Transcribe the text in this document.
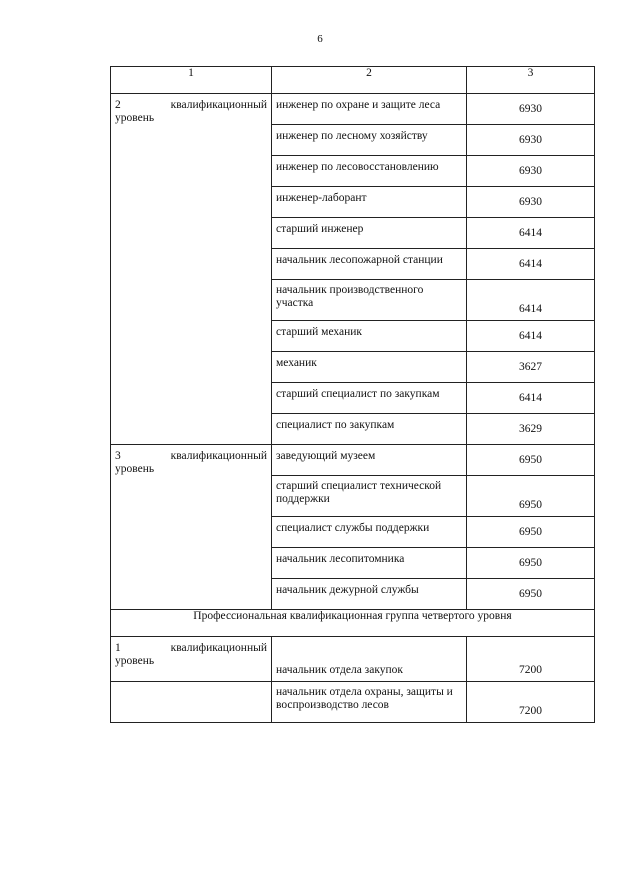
6
1	2	3

2 квалификационный
уровень	инженер по охране и защите леса	6930
	инженер по лесному хозяйству	6930
	инженер по лесовосстановлению	6930
	инженер-лаборант	6930
	старший инженер	6414
	начальник лесопожарной станции	6414
	начальник производственного участка	6414
	старший механик	6414
	механик	3627
	старший специалист по закупкам	6414
	специалист по закупкам	3629

3 квалификационный
уровень	заведующий музеем	6950
	старший специалист технической поддержки	6950
	специалист службы поддержки	6950
	начальник лесопитомника	6950
	начальник дежурной службы	6950
Профессиональная квалификационная группа четвертого уровня		

1 квалификационный
уровень	начальник отдела закупок	7200
	начальник отдела охраны, защиты и воспроизводство лесов	7200
